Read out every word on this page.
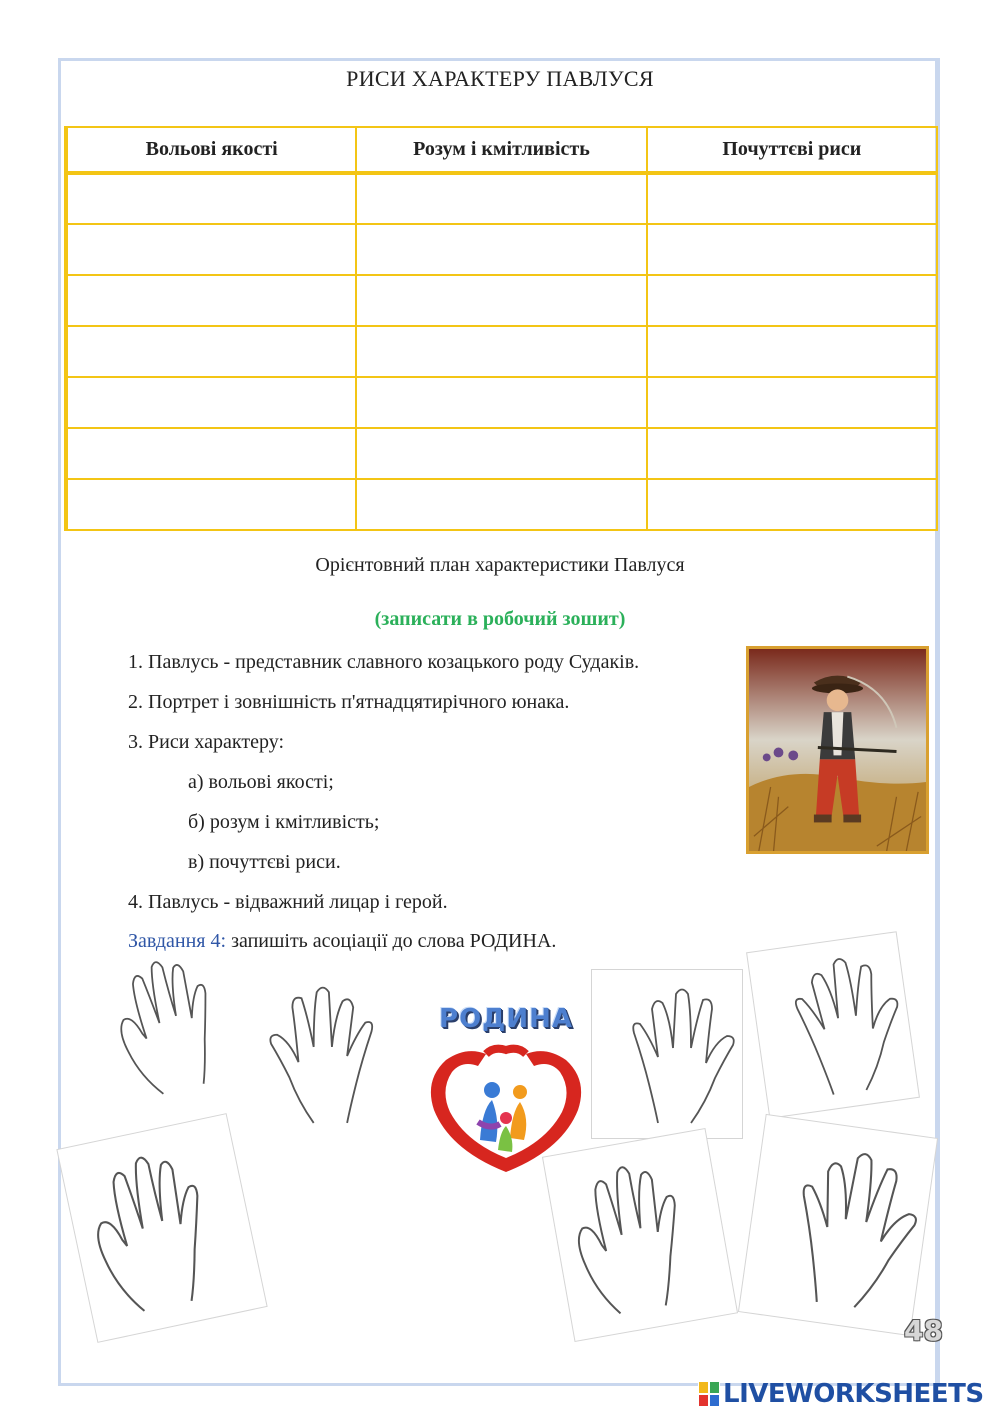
РИСИ ХАРАКТЕРУ ПАВЛУСЯ
Вольові якості	Розум і кмітливість	Почуттєві риси

Орієнтовний план характеристики Павлуся
(записати в робочий зошит)
1. Павлусь - представник славного козацького роду Судаків.
2. Портрет і зовнішність п'ятнадцятирічного юнака.
3. Риси характеру:
а) вольові якості;
б) розум і кмітливість;
в) почуттєві риси.
4. Павлусь - відважний лицар і герой.
Завдання 4: запишіть асоціації до слова РОДИНА.
РОДИНА
48
LIVEWORKSHEETS
